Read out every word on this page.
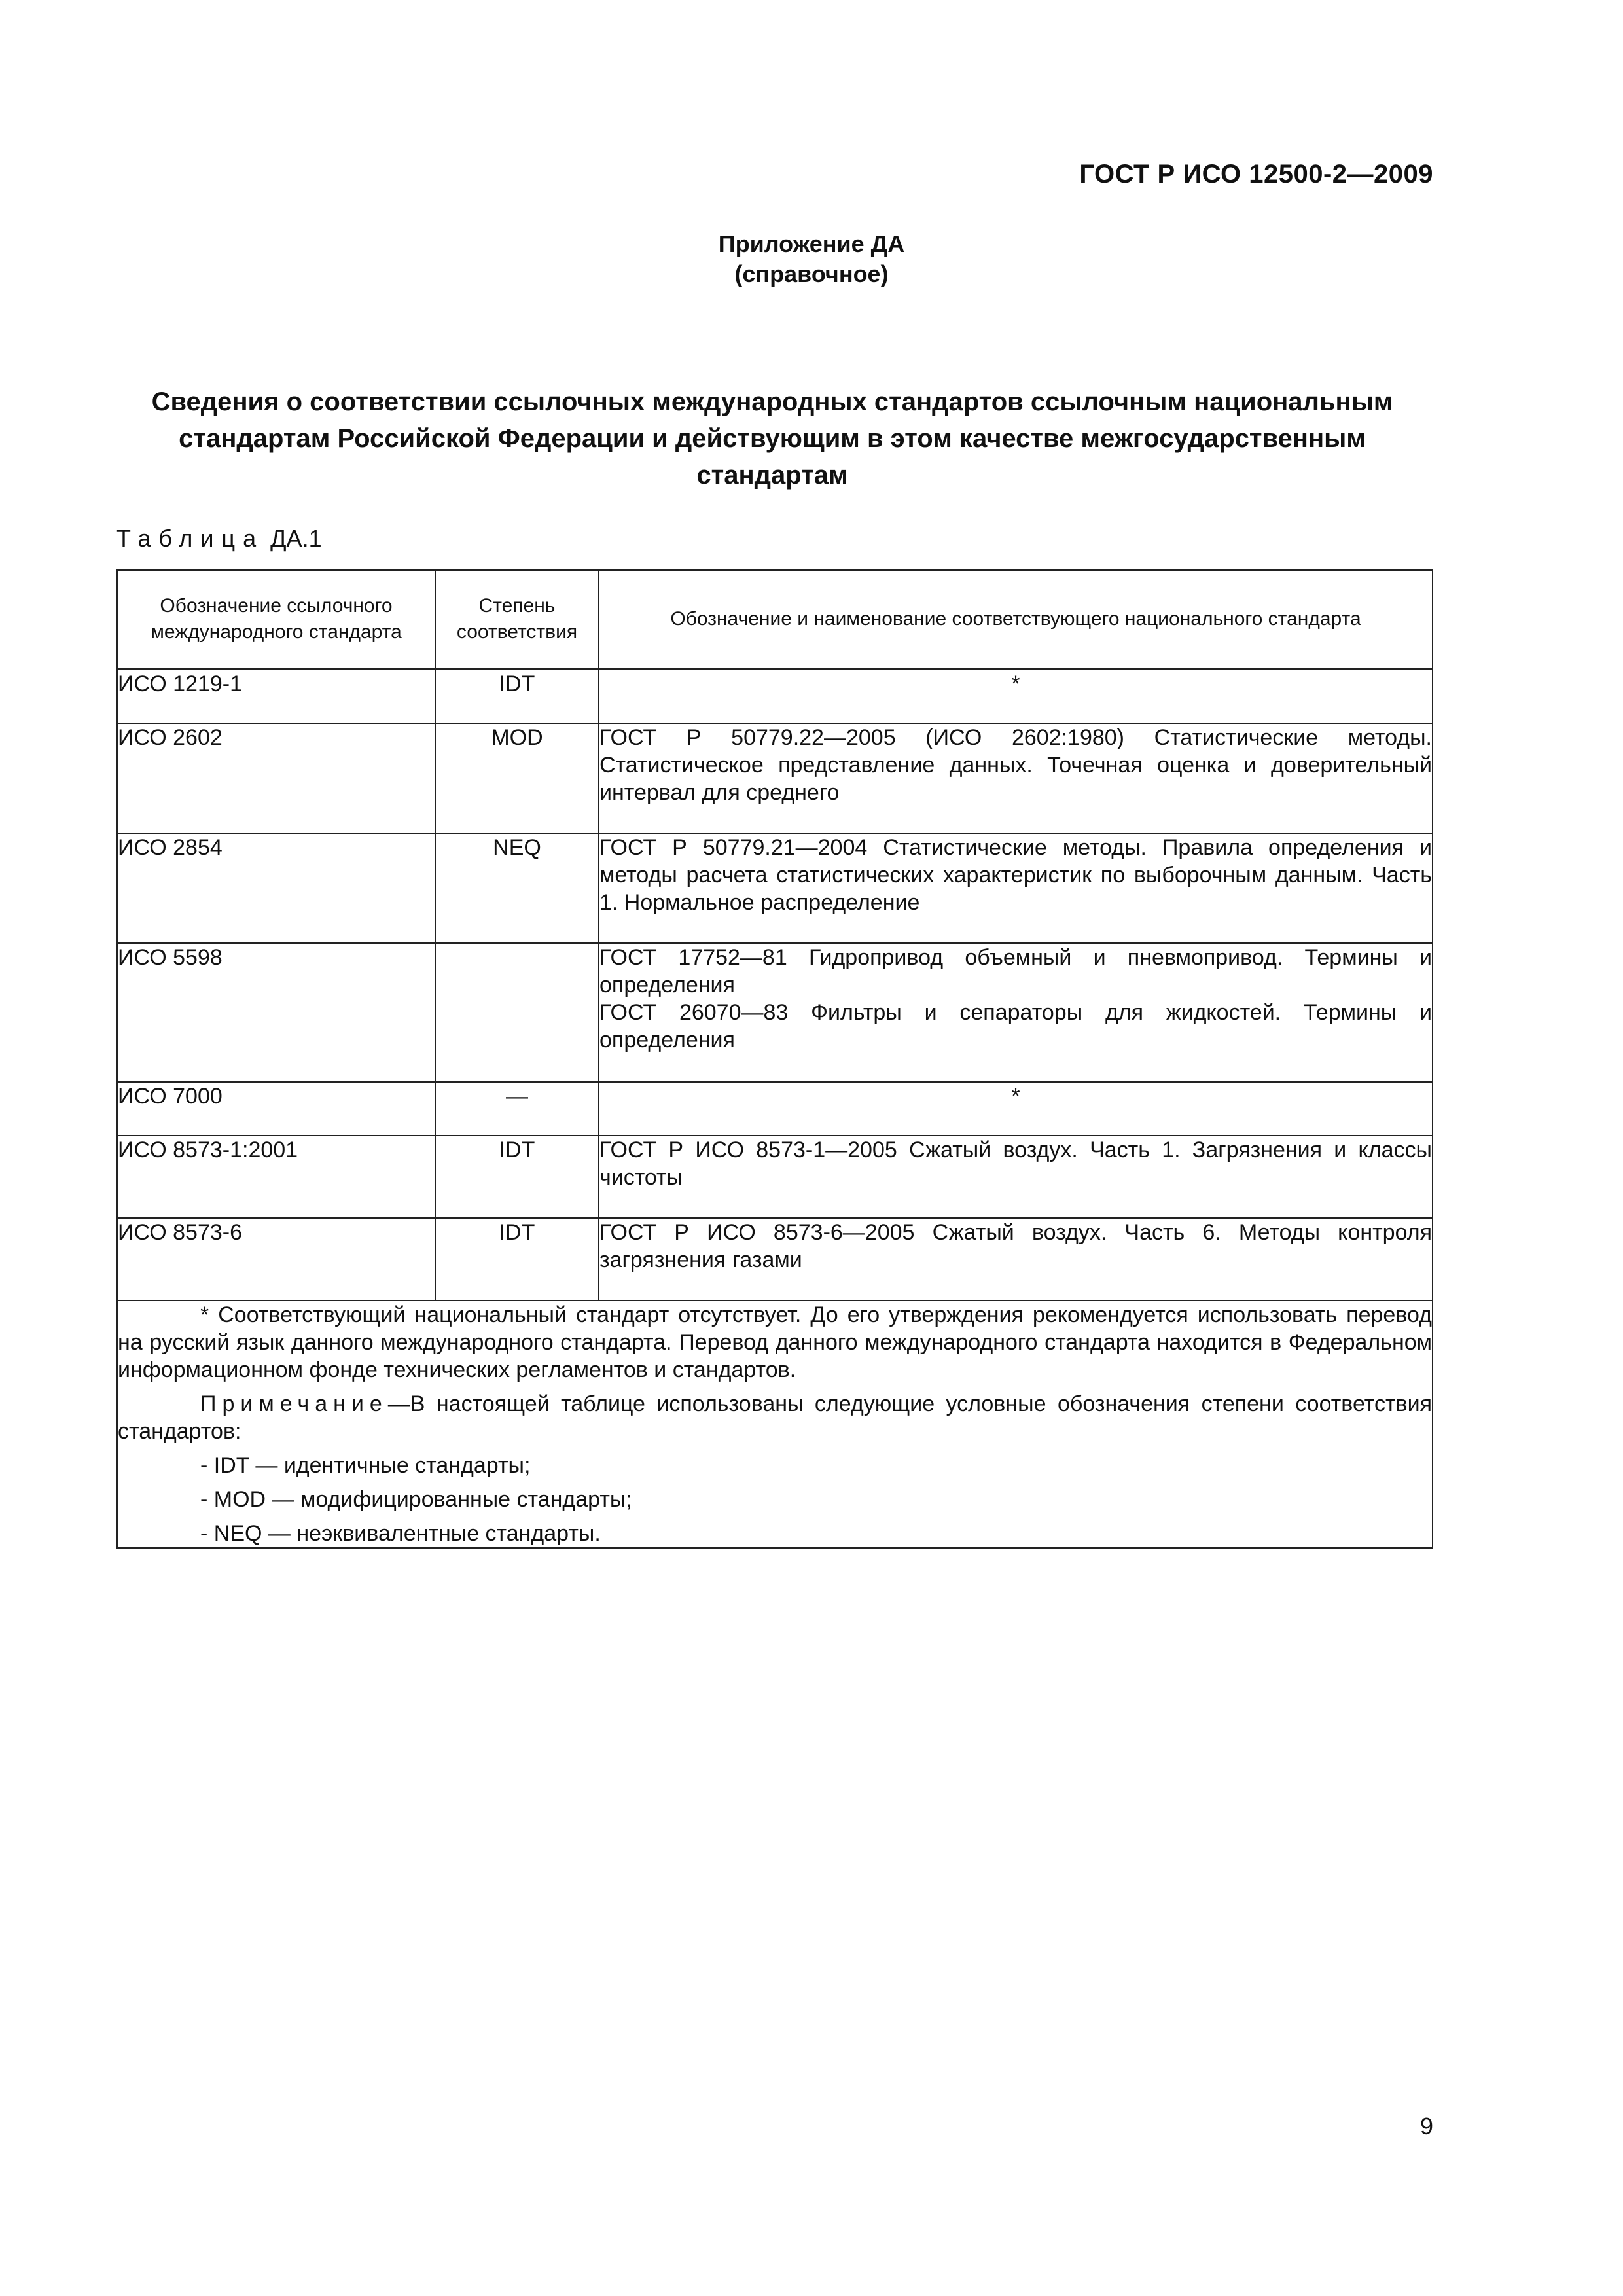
ГОСТ Р ИСО 12500-2—2009
Приложение ДА
(справочное)
Сведения о соответствии ссылочных международных стандартов ссылочным национальным стандартам Российской Федерации и действующим в этом качестве межгосударственным стандартам
Таблица ДА.1
Обозначение ссылочного международного стандарта	Степень соответствия	Обозначение и наименование соответствующего национального стандарта
ИСО 1219-1	IDT	*

ИСО 2602	MOD	ГОСТ Р 50779.22—2005 (ИСО 2602:1980) Статистические методы. Статистическое представление данных. Точечная оценка и доверительный интервал для среднего

ИСО 2854	NEQ	ГОСТ Р 50779.21—2004 Статистические методы. Правила определения и методы расчета статистических характеристик по выборочным данным. Часть 1. Нормальное распределение

ИСО 5598		ГОСТ 17752—81 Гидропривод объемный и пневмопривод. Термины и определения

ГОСТ 26070—83 Фильтры и сепараторы для жидкостей. Термины и определения

ИСО 7000	—	*

ИСО 8573-1:2001	IDT	ГОСТ Р ИСО 8573-1—2005 Сжатый воздух. Часть 1. Загрязнения и классы чистоты

ИСО 8573-6	IDT	ГОСТ Р ИСО 8573-6—2005 Сжатый воздух. Часть 6. Методы контроля загрязнения газами

* Соответствующий национальный стандарт отсутствует. До его утверждения рекомендуется использовать перевод на русский язык данного международного стандарта. Перевод данного международного стандарта находится в Федеральном информационном фонде технических регламентов и стандартов.

Примечание—В настоящей таблице использованы следующие условные обозначения степени соответствия стандартов:

- IDT — идентичные стандарты;

- MOD — модифицированные стандарты;

- NEQ — неэквивалентные стандарты.		

9
